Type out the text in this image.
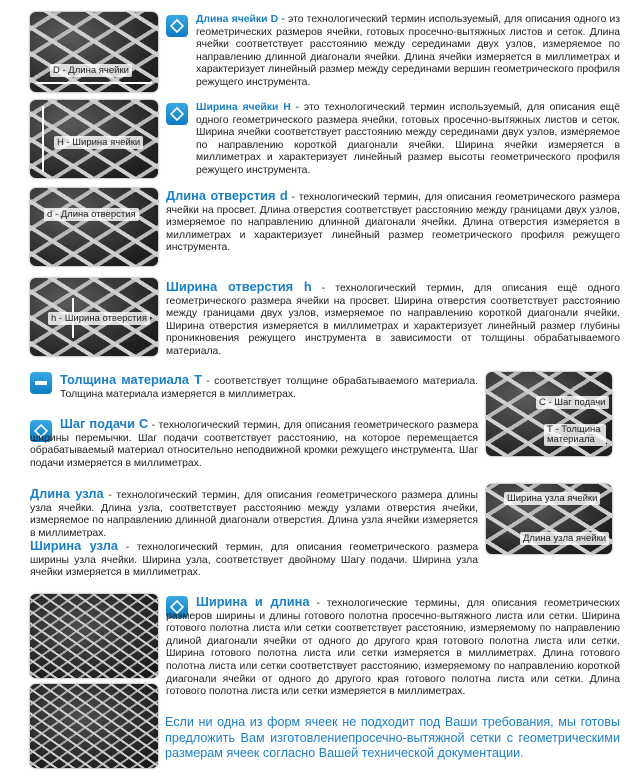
D - Длина ячейки
Длина ячейки D - это технологический термин используемый, для описания одного из геометрических размеров ячейки, готовых просечно-вытяжных листов и сеток. Длина ячейки соответствует расстоянию между серединами двух узлов, измеряемое по направлению длинной диагонали ячейки. Длина ячейки измеряется в миллиметрах и характеризует линейный размер между серединами вершин геометрического профиля режущего инструмента.
H - Ширина ячейки
Ширина ячейки H - это технологический термин используемый, для описания ещё одного геометрического размера ячейки, готовых просечно-вытяжных листов и сеток. Ширина ячейки соответствует расстоянию между серединами двух узлов, измеряемое по направлению короткой диагонали ячейки. Ширина ячейки измеряется в миллиметрах и характеризует линейный размер высоты геометрического профиля режущего инструмента.
d - Длина отверстия
Длина отверстия d - технологический термин, для описания геометрического размера ячейки на просвет. Длина отверстия соответствует расстоянию между границами двух узлов, измеряемое по направлению длинной диагонали ячейки. Длина отверстия измеряется в миллиметрах и характеризует линейный размер геометрического профиля режущего инструмента.
h - Ширина отверстия
Ширина отверстия h - технологический термин, для описания ещё одного геометрического размера ячейки на просвет. Ширина отверстия соответствует расстоянию между границами двух узлов, измеряемое по направлению короткой диагонали ячейки. Ширина отверстия измеряется в миллиметрах и характеризует линейный размер глубины проникновения режущего инструмента в зависимости от толщины обрабатываемого материала.
Толщина материала T - соответствует толщине обрабатываемого материала. Толщина материала измеряется в миллиметрах.
Шаг подачи C - технологический термин, для описания геометрического размера ширины перемычки. Шаг подачи соответствует расстоянию, на которое перемещается обрабатываемый материал относительно неподвижной кромки режущего инструмента. Шаг подачи измеряется в миллиметрах.
С - Шаг подачи
Т - Толщина материала
Длина узла - технологический термин, для описания геометрического размера длины узла ячейки. Длина узла, соответствует расстоянию между узлами отверстия ячейки, измеряемое по направлению длинной диагонали отверстия. Длина узла ячейки измеряется в миллиметрах.
Ширина узла - технологический термин, для описания геометрического размера ширины узла ячейки. Ширина узла, соответствует двойному Шагу подачи. Ширина узла ячейки измеряется в миллиметрах.
Ширина узла ячейки
Длина узла ячейки
Ширина и длина - технологические термины, для описания геометрических размеров ширины и длины готового полотна просечно-вытяжного листа или сетки. Ширина готового полотна листа или сетки соответствует расстоянию, измеряемому по направлению длиной диагонали ячейки от одного до другого края готового полотна листа или сетки. Ширина готового полотна листа или сетки измеряется в миллиметрах. Длина готового полотна листа или сетки соответствует расстоянию, измеряемому по направлению короткой диагонали ячейки от одного до другого края готового полотна листа или сетки. Длина готового полотна листа или сетки измеряется в миллиметрах.
Если ни одна из форм ячеек не подходит под Ваши требования, мы готовы предложить Вам изготовлениепросечно-вытяжной сетки с геометрическими размерам ячеек согласно Вашей технической документации.
